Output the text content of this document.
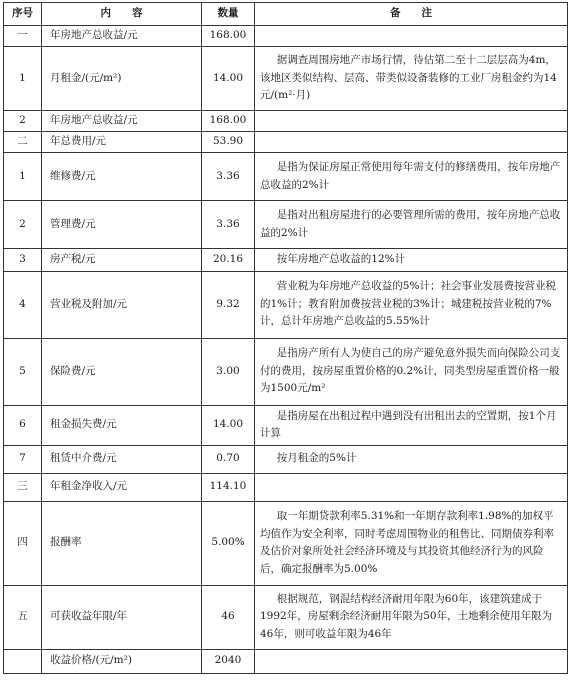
序号	内　　容	数量	备　　注
一	年房地产总收益/元	168.00	
1	月租金/(元/m²)	14.00	据调查周围房地产市场行情，待估第二至十二层层高为4m，该地区类似结构、层高、带类似设备装修的工业厂房租金约为14元/(m²·月)
2	年房地产总收益/元	168.00	
二	年总费用/元	53.90	
1	维修费/元	3.36	是指为保证房屋正常使用每年需支付的修缮费用，按年房地产总收益的2%计
2	管理费/元	3.36	是指对出租房屋进行的必要管理所需的费用，按年房地产总收益的2%计
3	房产税/元	20.16	按年房地产总收益的12%计
4	营业税及附加/元	9.32	营业税为年房地产总收益的5%计；社会事业发展费按营业税的1%计；教育附加费按营业税的3%计；城建税按营业税的7%计，总计年房地产总收益的5.55%计
5	保险费/元	3.00	是指房产所有人为使自己的房产避免意外损失而向保险公司支付的费用，按房屋重置价格的0.2%计，同类型房屋重置价格一般为1500元/m²
6	租金损失费/元	14.00	是指房屋在出租过程中遇到没有出租出去的空置期，按1个月计算
7	租赁中介费/元	0.70	按月租金的5%计
三	年租金净收入/元	114.10	
四	报酬率	5.00%	取一年期贷款利率5.31%和一年期存款利率1.98%的加权平均值作为安全利率，同时考虑周围物业的租售比、同期债券利率及估价对象所处社会经济环境及与其投资其他经济行为的风险后，确定报酬率为5.00%
五	可获收益年限/年	46	根据规范，钢混结构经济耐用年限为60年，该建筑建成于1992年，房屋剩余经济耐用年限为50年，土地剩余使用年限为46年，则可收益年限为46年
	收益价格/(元/m²)	2040	
